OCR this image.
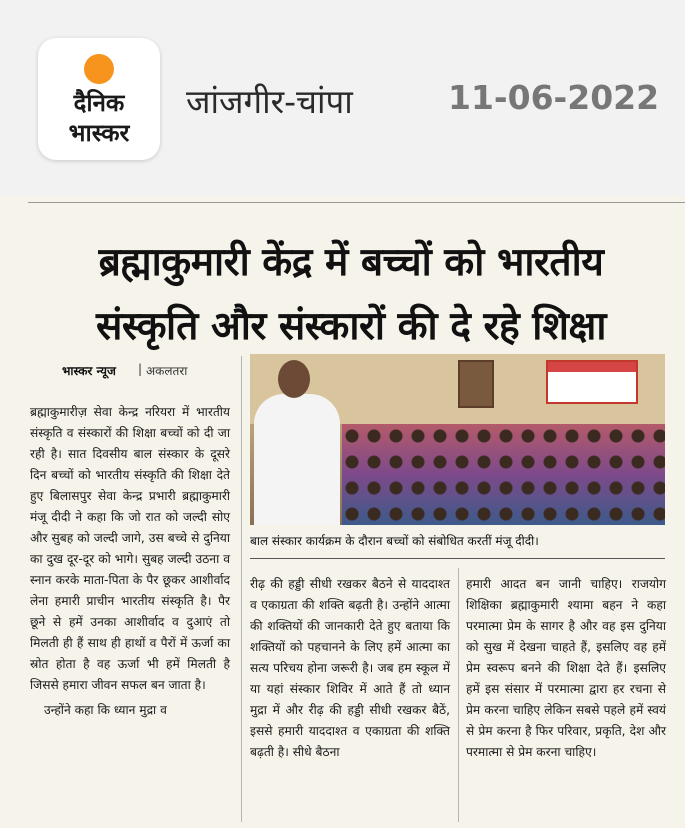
दैनिक
भास्कर
जांजगीर-चांपा	11-06-2022
ब्रह्माकुमारी केंद्र में बच्चों को भारतीय
संस्कृति और संस्कारों की दे रहे शिक्षा
भास्कर न्यूज | अकलतरा
बाल संस्कार कार्यक्रम के दौरान बच्चों को संबोधित करतीं मंजू दीदी।

ब्रह्माकुमारीज़ सेवा केन्द्र नरियरा में भारतीय संस्कृति व संस्कारों की शिक्षा बच्चों को दी जा रही है। सात दिवसीय बाल संस्कार के दूसरे दिन बच्चों को भारतीय संस्कृति की शिक्षा देते हुए बिलासपुर सेवा केन्द्र प्रभारी ब्रह्माकुमारी मंजू दीदी ने कहा कि जो रात को जल्दी सोए और सुबह को जल्दी जागे, उस बच्चे से दुनिया का दुख दूर-दूर को भागे। सुबह जल्दी उठना व स्नान करके माता-पिता के पैर छूकर आशीर्वाद लेना हमारी प्राचीन भारतीय संस्कृति है। पैर छूने से हमें उनका आशीर्वाद व दुआएं तो मिलती ही हैं साथ ही हाथों व पैरों में ऊर्जा का स्रोत होता है वह ऊर्जा भी हमें मिलती है जिससे हमारा जीवन सफल बन जाता है।

उन्होंने कहा कि ध्यान मुद्रा व

रीढ़ की हड्डी सीधी रखकर बैठने से याददाश्त व एकाग्रता की शक्ति बढ़ती है। उन्होंने आत्मा की शक्तियों की जानकारी देते हुए बताया कि शक्तियों को पहचानने के लिए हमें आत्मा का सत्य परिचय होना जरूरी है। जब हम स्कूल में या यहां संस्कार शिविर में आते हैं तो ध्यान मुद्रा में और रीढ़ की हड्डी सीधी रखकर बैठें, इससे हमारी याददाश्त व एकाग्रता की शक्ति बढ़ती है। सीधे बैठना

हमारी आदत बन जानी चाहिए। राजयोग शिक्षिका ब्रह्माकुमारी श्यामा बहन ने कहा परमात्मा प्रेम के सागर है और वह इस दुनिया को सुख में देखना चाहते हैं, इसलिए वह हमें प्रेम स्वरूप बनने की शिक्षा देते हैं। इसलिए हमें इस संसार में परमात्मा द्वारा हर रचना से प्रेम करना चाहिए लेकिन सबसे पहले हमें स्वयं से प्रेम करना है फिर परिवार, प्रकृति, देश और परमात्मा से प्रेम करना चाहिए।
